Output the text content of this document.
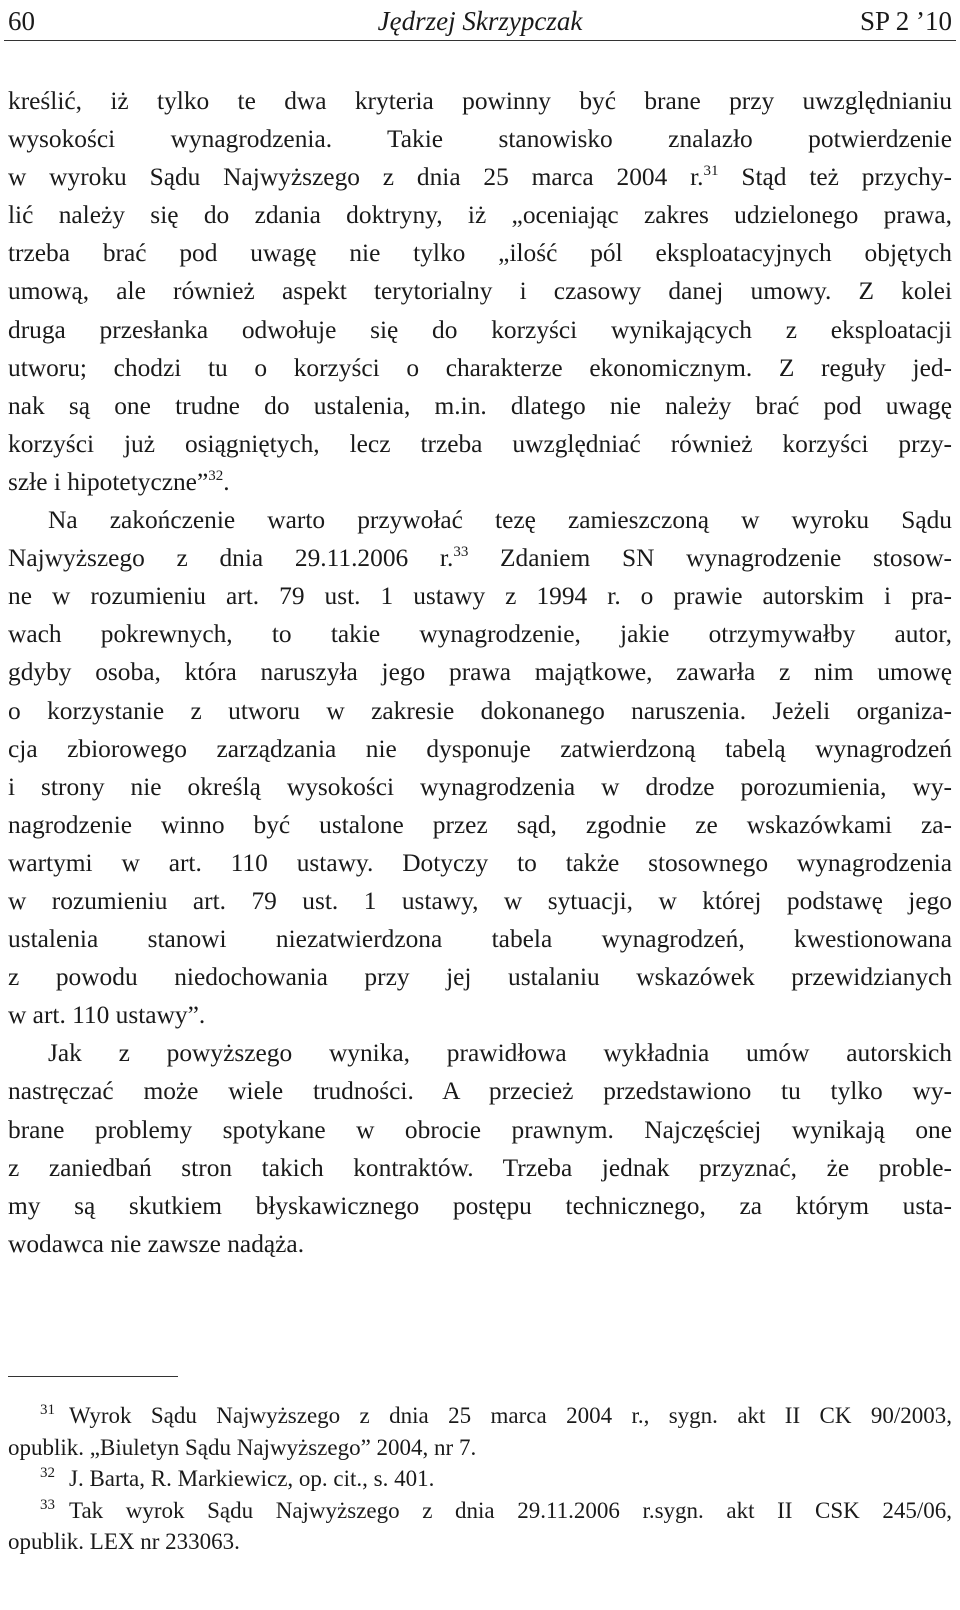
60	Jędrzej Skrzypczak	SP 2 ’10
kreślić, iż tylko te dwa kryteria powinny być brane przy uwzględnianiu
wysokości wynagrodzenia. Takie stanowisko znalazło potwierdzenie
w wyroku Sądu Najwyższego z dnia 25 marca 2004 r.$^{31}$ Stąd też przychy-
lić należy się do zdania doktryny, iż „oceniając zakres udzielonego prawa,
trzeba brać pod uwagę nie tylko „ilość pól eksploatacyjnych objętych
umową, ale również aspekt terytorialny i czasowy danej umowy. Z kolei
druga przesłanka odwołuje się do korzyści wynikających z eksploatacji
utworu; chodzi tu o korzyści o charakterze ekonomicznym. Z reguły jed-
nak są one trudne do ustalenia, m.in. dlatego nie należy brać pod uwagę
korzyści już osiągniętych, lecz trzeba uwzględniać również korzyści przy-
szłe i hipotetyczne”$^{32}$.
Na zakończenie warto przywołać tezę zamieszczoną w wyroku Sądu
Najwyższego z dnia 29.11.2006 r.$^{33}$ Zdaniem SN wynagrodzenie stosow-
ne w rozumieniu art. 79 ust. 1 ustawy z 1994 r. o prawie autorskim i pra-
wach pokrewnych, to takie wynagrodzenie, jakie otrzymywałby autor,
gdyby osoba, która naruszyła jego prawa majątkowe, zawarła z nim umowę
o korzystanie z utworu w zakresie dokonanego naruszenia. Jeżeli organiza-
cja zbiorowego zarządzania nie dysponuje zatwierdzoną tabelą wynagrodzeń
i strony nie określą wysokości wynagrodzenia w drodze porozumienia, wy-
nagrodzenie winno być ustalone przez sąd, zgodnie ze wskazówkami za-
wartymi w art. 110 ustawy. Dotyczy to także stosownego wynagrodzenia
w rozumieniu art. 79 ust. 1 ustawy, w sytuacji, w której podstawę jego
ustalenia stanowi niezatwierdzona tabela wynagrodzeń, kwestionowana
z powodu niedochowania przy jej ustalaniu wskazówek przewidzianych
w art. 110 ustawy”.
Jak z powyższego wynika, prawidłowa wykładnia umów autorskich
nastręczać może wiele trudności. A przecież przedstawiono tu tylko wy-
brane problemy spotykane w obrocie prawnym. Najczęściej wynikają one
z zaniedbań stron takich kontraktów. Trzeba jednak przyznać, że proble-
my są skutkiem błyskawicznego postępu technicznego, za którym usta-
wodawca nie zawsze nadąża.
$^{31}$ Wyrok Sądu Najwyższego z dnia 25 marca 2004 r., sygn. akt II CK 90/2003,
opublik. „Biuletyn Sądu Najwyższego” 2004, nr 7.
$^{32}$ J. Barta, R. Markiewicz, op. cit., s. 401.
$^{33}$ Tak wyrok Sądu Najwyższego z dnia 29.11.2006 r.sygn. akt II CSK 245/06,
opublik. LEX nr 233063.
